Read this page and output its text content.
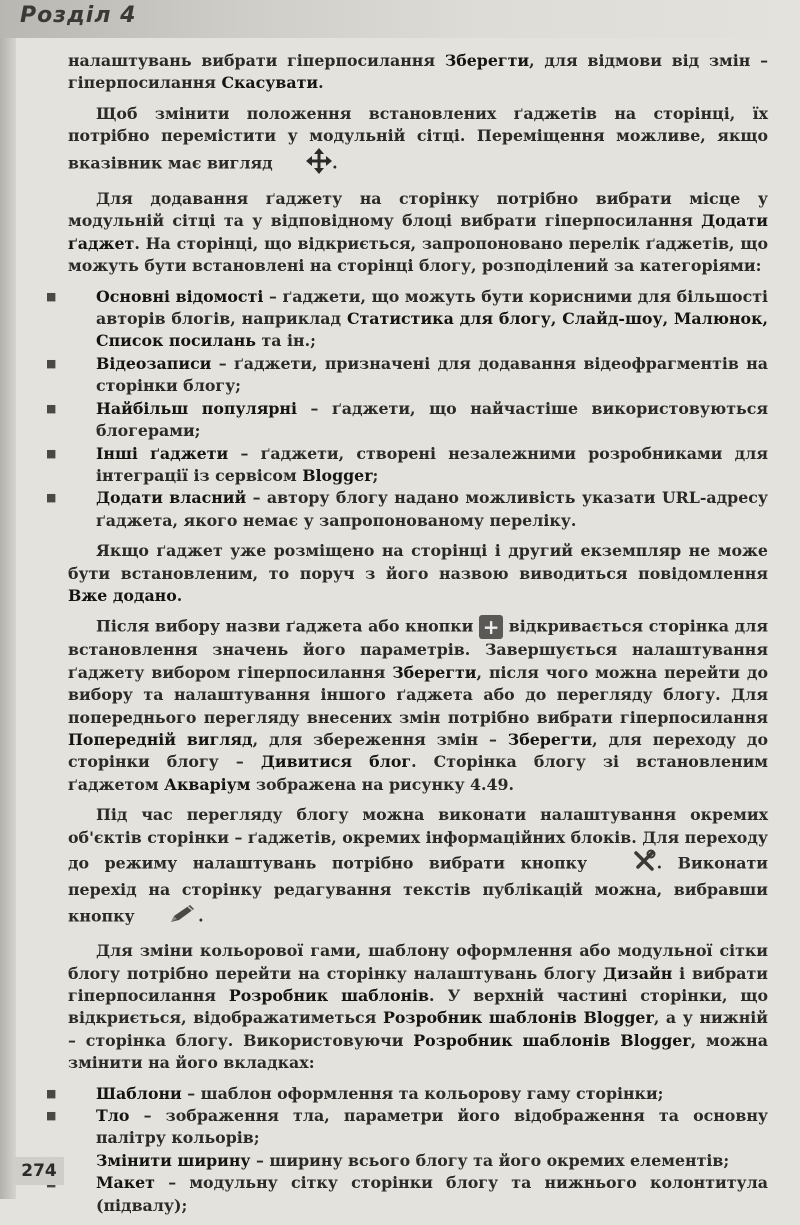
Розділ 4

налаштувань вибрати гіперпосилання Зберегти, для відмови від змін – гіперпосилання Скасувати.

Щоб змінити положення встановлених ґаджетів на сторінці, їх потрібно перемістити у модульній сітці. Переміщення можливе, якщо вказівник має вигляд	.

Для додавання ґаджету на сторінку потрібно вибрати місце у модульній сітці та у відповідному блоці вибрати гіперпосилання Додати ґаджет. На сторінці, що відкриється, запропоновано перелік ґаджетів, що можуть бути встановлені на сторінці блогу, розподілений за категоріями:

■ Основні відомості – ґаджети, що можуть бути корисними для більшості авторів блогів, наприклад Статистика для блогу, Слайд-шоу, Малюнок, Список посилань та ін.;
■ Відеозаписи – ґаджети, призначені для додавання відеофрагментів на сторінки блогу;
■ Найбільш популярні – ґаджети, що найчастіше використовуються блогерами;
■ Інші ґаджети – ґаджети, створені незалежними розробниками для інтеграції із сервісом Blogger;
■ Додати власний – автору блогу надано можливість указати URL-адресу ґаджета, якого немає у запропонованому переліку.

Якщо ґаджет уже розміщено на сторінці і другий екземпляр не може бути встановленим, то поруч з його назвою виводиться повідомлення Вже додано.

Після вибору назви ґаджета або кнопки + відкривається сторінка для встановлення значень його параметрів. Завершується налаштування ґаджету вибором гіперпосилання Зберегти, після чого можна перейти до вибору та налаштування іншого ґаджета або до перегляду блогу. Для попереднього перегляду внесених змін потрібно вибрати гіперпосилання Попередній вигляд, для збереження змін – Зберегти, для переходу до сторінки блогу – Дивитися блог. Сторінка блогу зі встановленим ґаджетом Акваріум зображена на рисунку 4.49.

Під час перегляду блогу можна виконати налаштування окремих об'єктів сторінки – ґаджетів, окремих інформаційних блоків. Для переходу до режиму налаштувань потрібно вибрати кнопку	. Виконати перехід на сторінку редагування текстів публікацій можна, вибравши кнопку	.

Для зміни кольорової гами, шаблону оформлення або модульної сітки блогу потрібно перейти на сторінку налаштувань блогу Дизайн і вибрати гіперпосилання Розробник шаблонів. У верхній частині сторінки, що відкриється, відображатиметься Розробник шаблонів Blogger, а у нижній – сторінка блогу. Використовуючи Розробник шаблонів Blogger, можна змінити на його вкладках:

■ Шаблони – шаблон оформлення та кольорову гаму сторінки;
■ Тло – зображення тла, параметри його відображення та основну палітру кольорів;
■ Змінити ширину – ширину всього блогу та його окремих елементів;
■ Макет – модульну сітку сторінки блогу та нижнього колонтитула (підвалу);
274
